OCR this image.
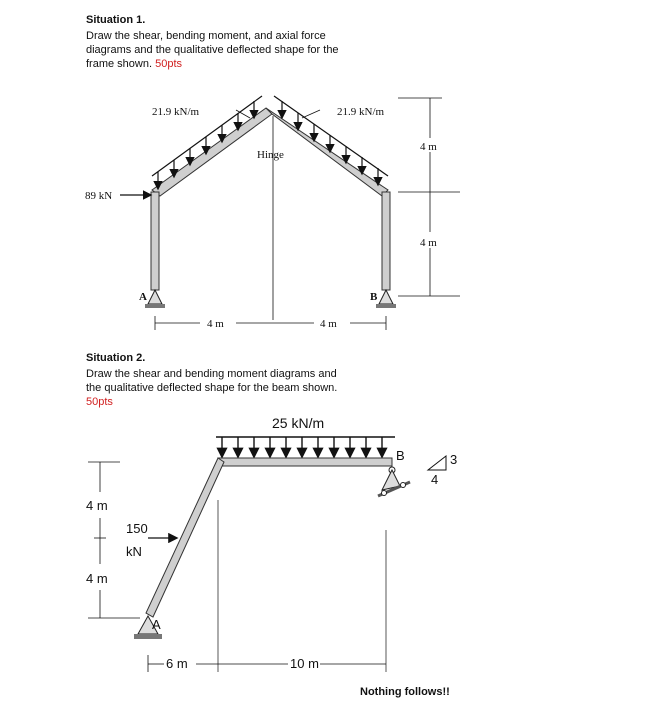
Situation 1.
Draw the shear, bending moment, and axial force
diagrams and the qualitative deflected shape for the
frame shown. 50pts
Situation 2.
Draw the shear and bending moment diagrams and
the qualitative deflected shape for the beam shown.
50pts
21.9 kN/m	21.9 kN/m
Hinge
89 kN
A	B
4 m	4 m
4 m
4 m
25 kN/m
B	3
4
A
150
kN
4 m
4 m
6 m	10 m
Nothing follows!!
